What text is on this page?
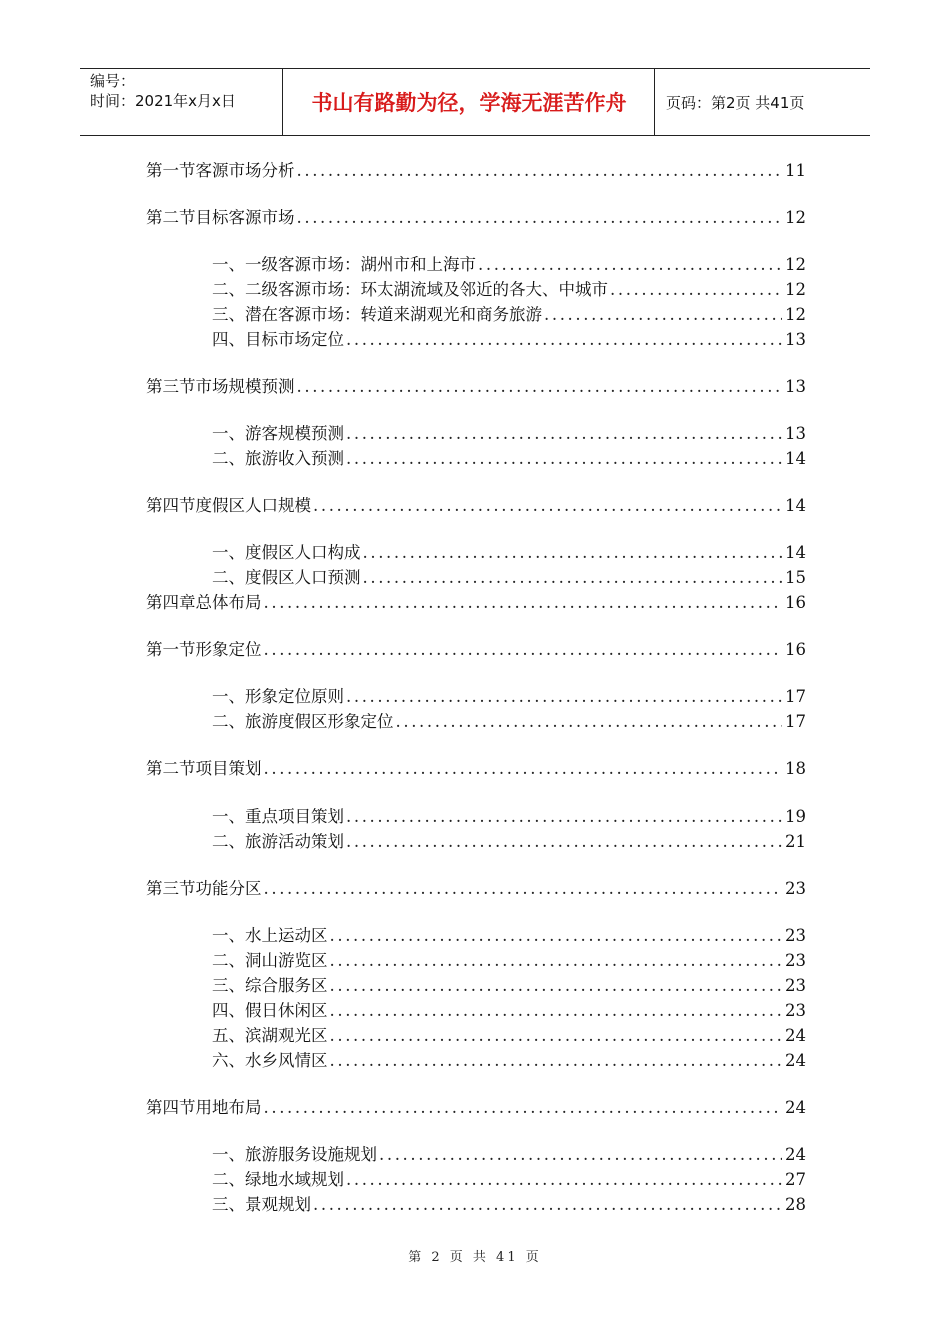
编号：
时间：2021年x月x日	书山有路勤为径，学海无涯苦作舟	页码：第2页 共41页
第一节 客源市场分析 .....	11
第二节 目标客源市场 .....	12
一、 一级客源市场：湖州市和上海市 .....	12
二、 二级客源市场：环太湖流域及邻近的各大、中城市 .....	12
三、 潜在客源市场：转道来湖观光和商务旅游 .....	12
四、 目标市场定位 .....	13
第三节 市场规模预测 .....	13
一、 游客规模预测 .....	13
二、 旅游收入预测 .....	14
第四节 度假区人口规模 .....	14
一、 度假区人口构成 .....	14
二、 度假区人口预测 .....	15
第四章总体布局 .....	16
第一节 形象定位 .....	16
一、 形象定位原则 .....	17
二、 旅游度假区形象定位 .....	17
第二节 项目策划 .....	18
一、 重点项目策划 .....	19
二、 旅游活动策划 .....	21
第三节 功能分区 .....	23
一、 水上运动区 .....	23
二、 洞山游览区 .....	23
三、 综合服务区 .....	23
四、 假日休闲区 .....	23
五、 滨湖观光区 .....	24
六、 水乡风情区 .....	24
第四节 用地布局 .....	24
一、 旅游服务设施规划 .....	24
二、 绿地水域规划 .....	27
三、 景观规划 .....	28
第 2 页 共 41 页
